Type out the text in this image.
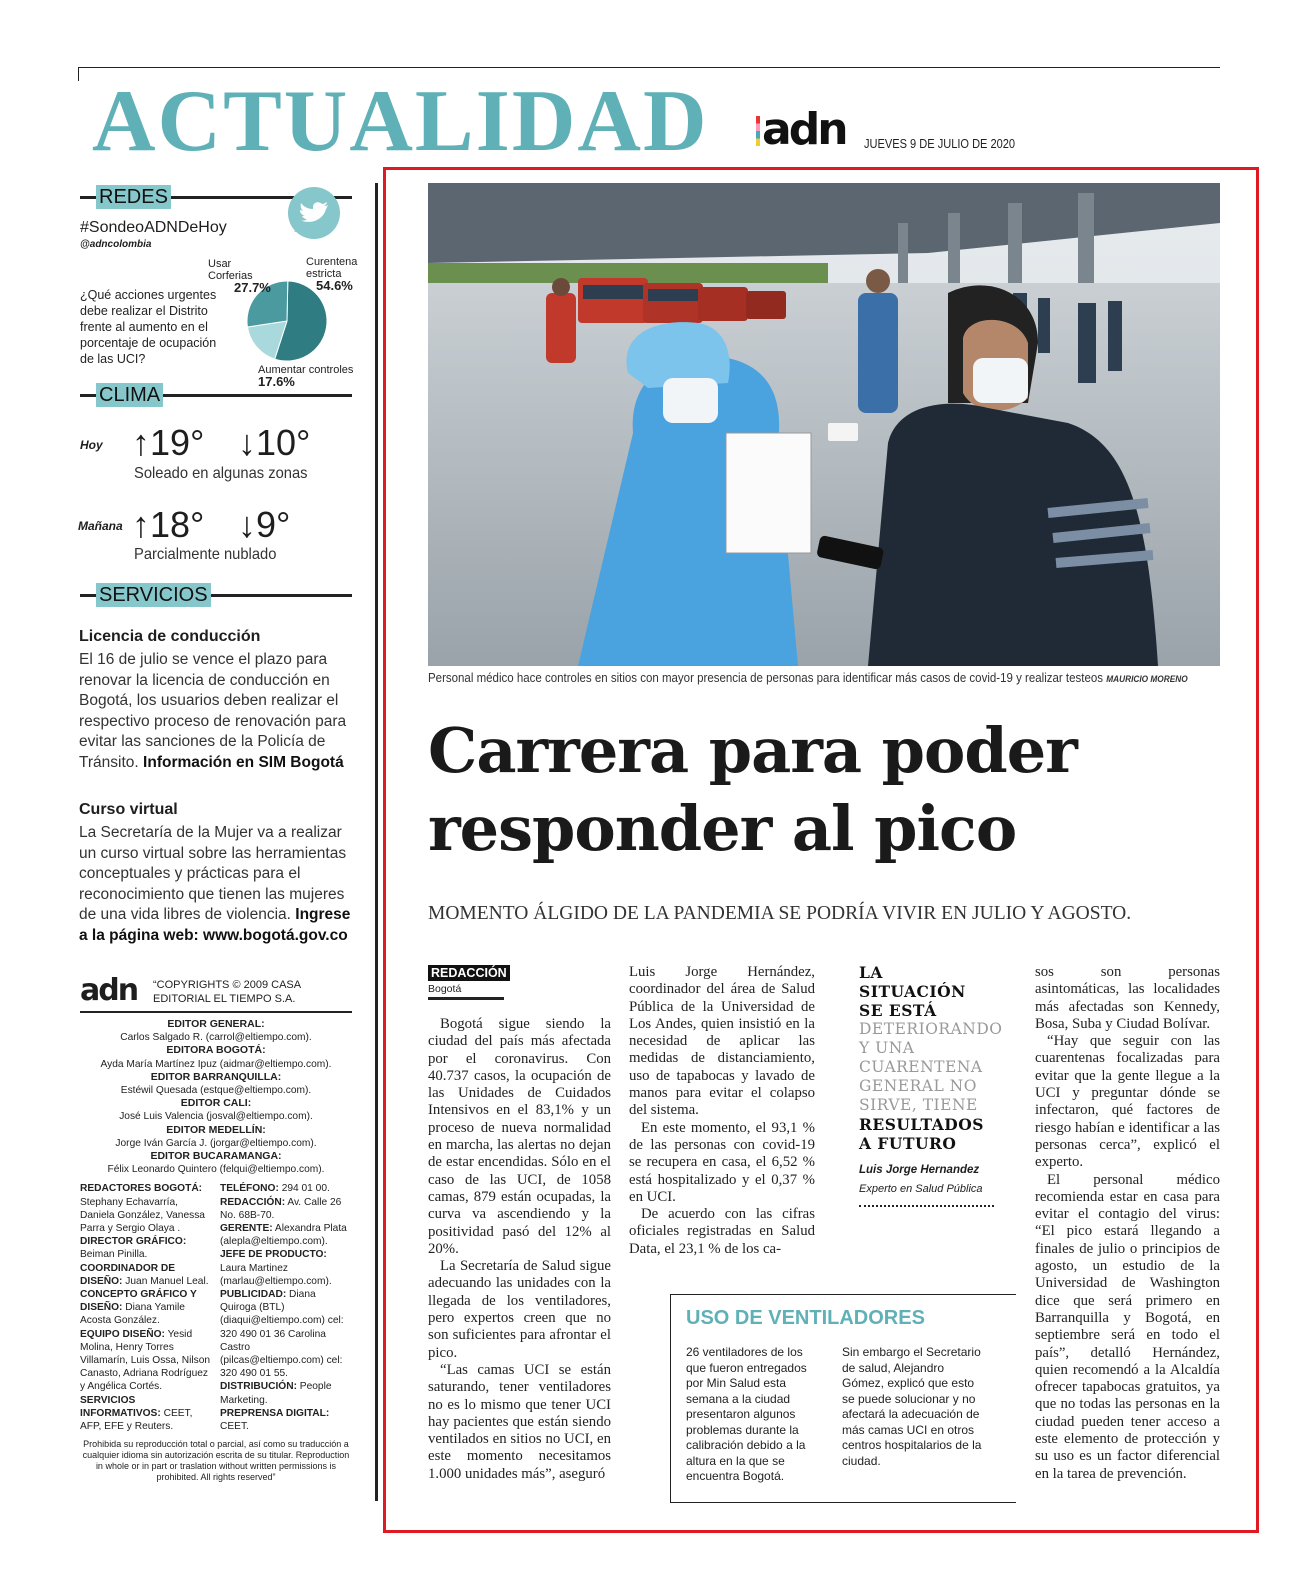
ACTUALIDAD adn JUEVES 9 DE JULIO DE 2020
REDES
#SondeoADNDeHoy
@adncolombia
¿Qué acciones urgentes debe realizar el Distrito frente al aumento en el porcentaje de ocupación de las UCI?
Usar Corferias
27.7%
Curentena estricta
54.6%
Aumentar controles
17.6%
CLIMA
Hoy ↑19° ↓10°
Soleado en algunas zonas
Mañana ↑18° ↓9°
Parcialmente nublado
SERVICIOS
Licencia de conducción
El 16 de julio se vence el plazo para renovar la licencia de conducción en Bogotá, los usuarios deben realizar el respectivo proceso de renovación para evitar las sanciones de la Policía de Tránsito. Información en SIM Bogotá
Curso virtual
La Secretaría de la Mujer va a realizar un curso virtual sobre las herramientas conceptuales y prácticas para el reconocimiento que tienen las mujeres de una vida libres de violencia. Ingrese a la página web: www.bogotá.gov.co
adn “COPYRIGHTS © 2009 CASA EDITORIAL EL TIEMPO S.A.
EDITOR GENERAL:
Carlos Salgado R. (carrol@eltiempo.com).
EDITORA BOGOTÁ:
Ayda María Martínez Ipuz (aidmar@eltiempo.com).
EDITOR BARRANQUILLA:
Estéwil Quesada (estque@eltiempo.com).
EDITOR CALI:
José Luis Valencia (josval@eltiempo.com).
EDITOR MEDELLÍN:
Jorge Iván García J. (jorgar@eltiempo.com).
EDITOR BUCARAMANGA:
Félix Leonardo Quintero (felqui@eltiempo.com).
REDACTORES BOGOTÁ: Stephany Echavarría, Daniela González, Vanessa Parra y Sergio Olaya .
DIRECTOR GRÁFICO: Beiman Pinilla.
COORDINADOR DE DISEÑO: Juan Manuel Leal.
CONCEPTO GRÁFICO Y DISEÑO: Diana Yamile Acosta González.
EQUIPO DISEÑO: Yesid Molina, Henry Torres Villamarín, Luis Ossa, Nilson Canasto, Adriana Rodríguez y Angélica Cortés.
SERVICIOS INFORMATIVOS: CEET, AFP, EFE y Reuters.
TELÉFONO: 294 01 00.
REDACCIÓN: Av. Calle 26 No. 68B-70.
GERENTE: Alexandra Plata (alepla@eltiempo.com).
JEFE DE PRODUCTO: Laura Martinez (marlau@eltiempo.com).
PUBLICIDAD: Diana Quiroga (BTL) (diaqui@eltiempo.com) cel: 320 490 01 36 Carolina Castro (pilcas@eltiempo.com) cel: 320 490 01 55.
DISTRIBUCIÓN: People Marketing.
PREPRENSA DIGITAL: CEET.
Prohibida su reproducción total o parcial, así como su traducción a cualquier idioma sin autorización escrita de su titular. Reproduction in whole or in part or traslation without written permissions is prohibited. All rights reserved”
Personal médico hace controles en sitios con mayor presencia de personas para identificar más casos de covid-19 y realizar testeos MAURICIO MORENO
Carrera para poder
responder al pico
MOMENTO ÁLGIDO DE LA PANDEMIA SE PODRÍA VIVIR EN JULIO Y AGOSTO.
REDACCIÓN
Bogotá

Bogotá sigue siendo la ciudad del país más afectada por el coronavirus. Con 40.737 casos, la ocupación de las Unidades de Cuidados Intensivos en el 83,1% y un proceso de nueva normalidad en marcha, las alertas no dejan de estar encendidas. Sólo en el caso de las UCI, de 1058 camas, 879 están ocupadas, la curva va ascendiendo y la positividad pasó del 12% al 20%.

La Secretaría de Salud sigue adecuando las unidades con la llegada de los ventiladores, pero expertos creen que no son suficientes para afrontar el pico.

“Las camas UCI se están saturando, tener ventiladores no es lo mismo que tener UCI hay pacientes que están siendo ventilados en sitios no UCI, en este momento necesitamos 1.000 unidades más”, aseguró

Luis Jorge Hernández, coordinador del área de Salud Pública de la Universidad de Los Andes, quien insistió en la necesidad de aplicar las medidas de distanciamiento, uso de tapabocas y lavado de manos para evitar el colapso del sistema.

En este momento, el 93,1 % de las personas con covid-19 se recupera en casa, el 6,52 % está hospitalizado y el 0,37 % en UCI.

De acuerdo con las cifras oficiales registradas en Salud Data, el 23,1 % de los ca-

LA SITUACIÓN SE ESTÁ
DETERIORANDO Y UNA CUARENTENA GENERAL NO SIRVE, TIENE
RESULTADOS A FUTURO
Luis Jorge Hernandez
Experto en Salud Pública

sos son personas asintomáticas, las localidades más afectadas son Kennedy, Bosa, Suba y Ciudad Bolívar.

“Hay que seguir con las cuarentenas focalizadas para evitar que la gente llegue a la UCI y preguntar dónde se infectaron, qué factores de riesgo habían e identificar a las personas cerca”, explicó el experto.

El personal médico recomienda estar en casa para evitar el contagio del virus: “El pico estará llegando a finales de julio o principios de agosto, un estudio de la Universidad de Washington dice que será primero en Barranquilla y Bogotá, en septiembre será en todo el país”, detalló Hernández, quien recomendó a la Alcaldía ofrecer tapabocas gratuitos, ya que no todas las personas en la ciudad pueden tener acceso a este elemento de protección y su uso es un factor diferencial en la tarea de prevención.

USO DE VENTILADORES
26 ventiladores de los que fueron entregados por Min Salud esta semana a la ciudad presentaron algunos problemas durante la calibración debido a la altura en la que se encuentra Bogotá.
Sin embargo el Secretario de salud, Alejandro Gómez, explicó que esto se puede solucionar y no afectará la adecuación de más camas UCI en otros centros hospitalarios de la ciudad.
